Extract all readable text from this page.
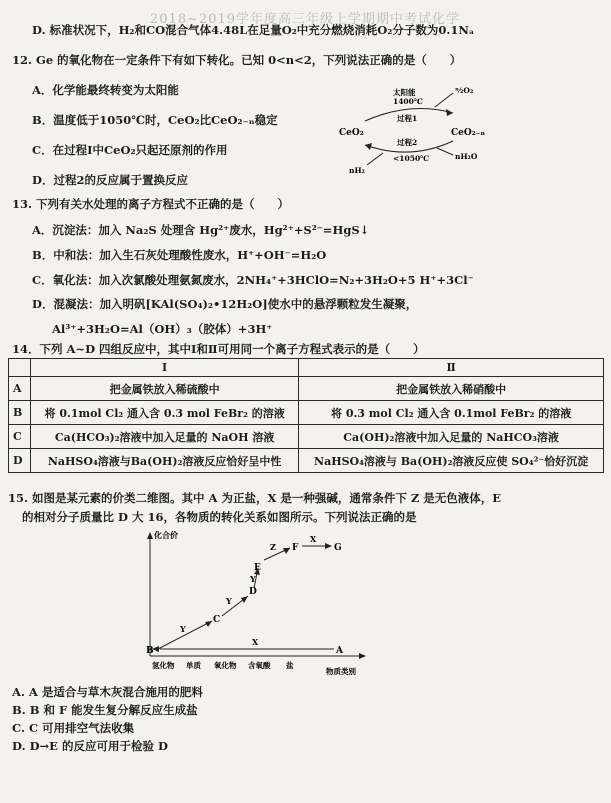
2018~2019学年度高三年级上学期期中考试化学
D. 标准状况下，H₂和CO混合气体4.48L在足量O₂中充分燃烧消耗O₂分子数为0.1Nₐ
12. Ge 的氧化物在一定条件下有如下转化。已知 0<n<2，下列说法正确的是（　　）
A．化学能最终转变为太阳能
B．温度低于1050℃时，CeO₂比CeO₂₋ₙ稳定
C．在过程Ⅰ中CeO₂只起还原剂的作用
D．过程2的反应属于置换反应
太阳能
1400℃
过程1
过程2
<1050℃
CeO₂	CeO₂₋ₙ
ⁿ⁄₂O₂
nH₂
nH₂O
13. 下列有关水处理的离子方程式不正确的是（　　）
A．沉淀法：加入 Na₂S 处理含 Hg²⁺废水，Hg²⁺+S²⁻=HgS↓
B．中和法：加入生石灰处理酸性废水，H⁺+OH⁻=H₂O
C．氧化法：加入次氯酸处理氨氮废水，2NH₄⁺+3HClO=N₂+3H₂O+5 H⁺+3Cl⁻
D．混凝法：加入明矾[KAl(SO₄)₂•12H₂O]使水中的悬浮颗粒发生凝聚，
Al³⁺+3H₂O=Al（OH）₃（胶体）+3H⁺
14．下列 A~D 四组反应中，其中Ⅰ和Ⅱ可用同一个离子方程式表示的是（　　）
	Ⅰ	Ⅱ
A	把金属铁放入稀硫酸中	把金属铁放入稀硝酸中
B	将 0.1mol Cl₂ 通入含 0.3 mol FeBr₂ 的溶液	将 0.3 mol Cl₂ 通入含 0.1mol FeBr₂ 的溶液
C	Ca(HCO₃)₂溶液中加入足量的 NaOH 溶液	Ca(OH)₂溶液中加入足量的 NaHCO₃溶液
D	NaHSO₄溶液与Ba(OH)₂溶液反应恰好呈中性	NaHSO₄溶液与 Ba(OH)₂溶液反应使 SO₄²⁻恰好沉淀
15. 如图是某元素的价类二维图。其中 A 为正盐，X 是一种强碱，通常条件下 Z 是无色液体，E
的相对分子质量比 D 大 16，各物质的转化关系如图所示。下列说法正确的是
化合价
物质类别
氢化物 单质 氧化物 含氧酸 盐
B
C
D
E
F	G
A
Y
Y
Y
Z
X
X
A. A 是适合与草木灰混合施用的肥料
B. B 和 F 能发生复分解反应生成盐
C. C 可用排空气法收集
D. D→E 的反应可用于检验 D
